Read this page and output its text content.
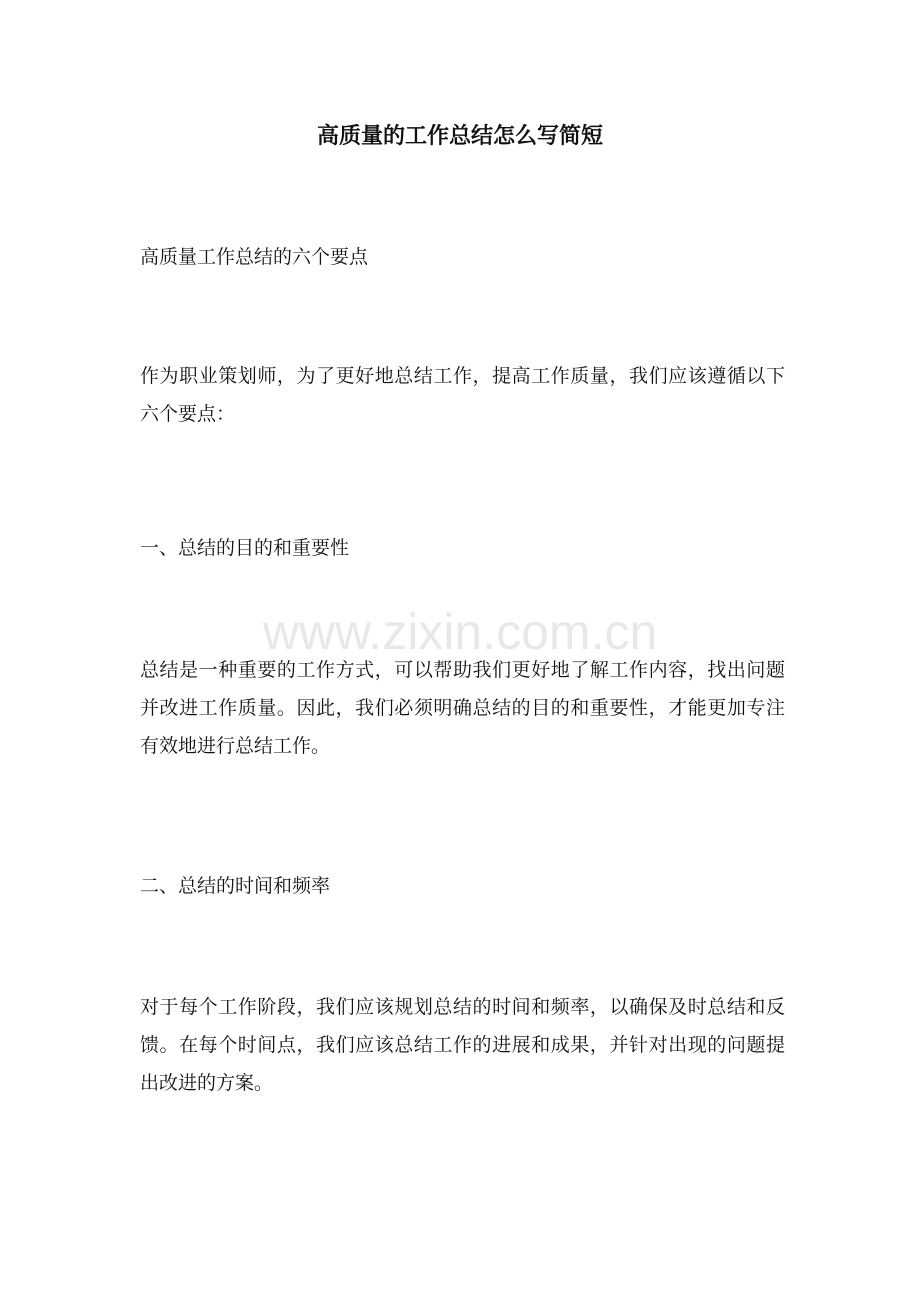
高质量的工作总结怎么写简短

高质量工作总结的六个要点

作为职业策划师，为了更好地总结工作，提高工作质量，我们应该遵循以下六个要点：

一、总结的目的和重要性

总结是一种重要的工作方式，可以帮助我们更好地了解工作内容，找出问题并改进工作质量。因此，我们必须明确总结的目的和重要性，才能更加专注有效地进行总结工作。

二、总结的时间和频率

对于每个工作阶段，我们应该规划总结的时间和频率，以确保及时总结和反馈。在每个时间点，我们应该总结工作的进展和成果，并针对出现的问题提出改进的方案。

www.zixin.com.cn
